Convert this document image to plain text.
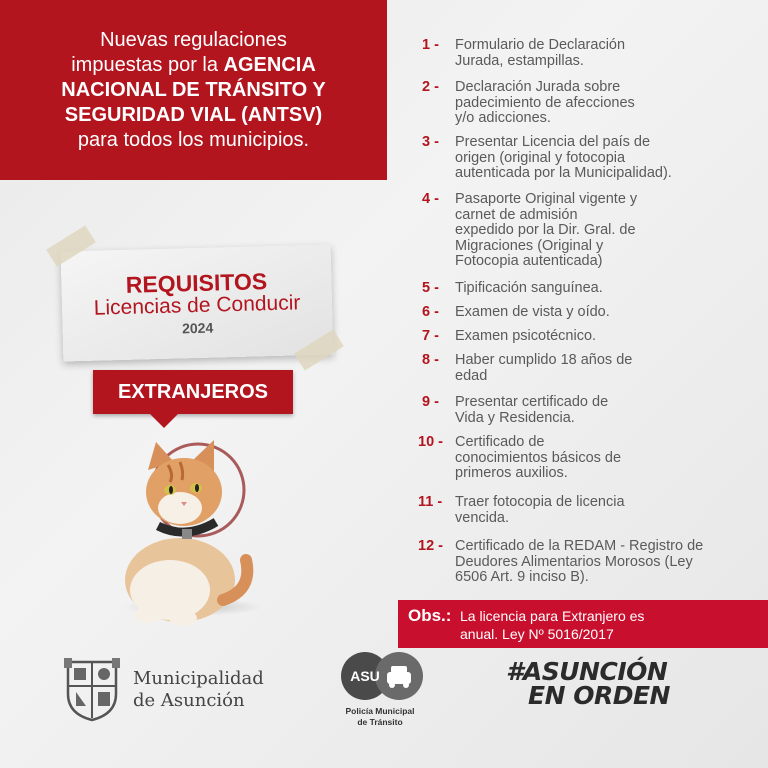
Nuevas regulaciones
impuestas por la AGENCIA
NACIONAL DE TRÁNSITO Y
SEGURIDAD VIAL (ANTSV)
para todos los municipios.
REQUISITOS
Licencias de Conducir
2024
EXTRANJEROS
1 -	Formulario de Declaración
Jurada, estampillas.
2 -	Declaración Jurada sobre
padecimiento de afecciones
y/o adicciones.
3 -	Presentar Licencia del país de
origen (original y fotocopia
autenticada por la Municipalidad).
4 -	Pasaporte Original vigente y
carnet de admisión
expedido por la Dir. Gral. de
Migraciones (Original y
Fotocopia autenticada)
5 -	Tipificación sanguínea.
6 -	Examen de vista y oído.
7 -	Examen psicotécnico.
8 -	Haber cumplido 18 años de
edad
9 -	Presentar certificado de
Vida y Residencia.
10 - Certificado de
conocimientos básicos de
primeros auxilios.
11 - Traer fotocopia de licencia
vencida.
12 - Certificado de la REDAM - Registro de
Deudores Alimentarios Morosos (Ley
6506 Art. 9 inciso B).
Obs.: La licencia para Extranjero es
anual. Ley Nº 5016/2017
Municipalidad
de Asunción
ASU
Policía Municipal
de Tránsito
#ASUNCIÓN
EN ORDEN
